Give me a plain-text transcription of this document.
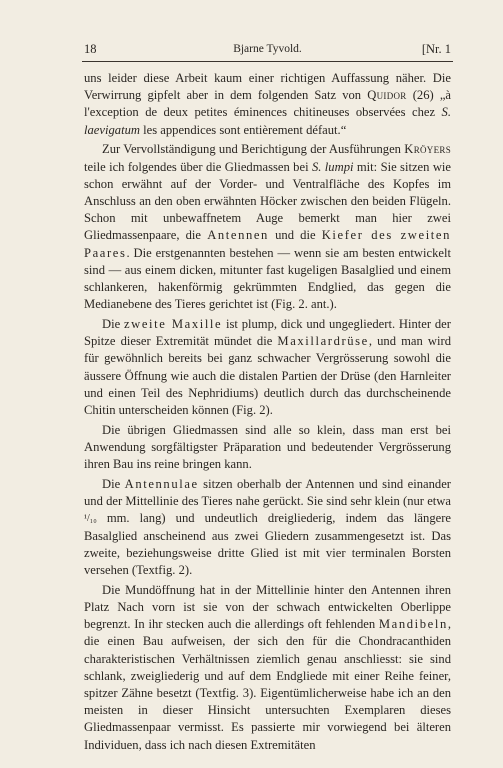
18	Bjarne Tyvold.	[Nr. 1

uns leider diese Arbeit kaum einer richtigen Auffassung näher. Die Verwirrung gipfelt aber in dem folgenden Satz von Quidor (26) „à l'exception de deux petites éminences chitineuses observées chez S. laevigatum les appendices sont entièrement défaut.“

Zur Vervollständigung und Berichtigung der Ausführungen Kröyers teile ich folgendes über die Gliedmassen bei S. lumpi mit: Sie sitzen wie schon erwähnt auf der Vorder- und Ventralfläche des Kopfes im Anschluss an den oben erwähnten Höcker zwischen den beiden Flügeln. Schon mit unbewaffnetem Auge bemerkt man hier zwei Gliedmassenpaare, die Antennen und die Kiefer des zweiten Paares. Die erstgenannten bestehen — wenn sie am besten entwickelt sind — aus einem dicken, mitunter fast kugeligen Basalglied und einem schlankeren, hakenförmig gekrümmten Endglied, das gegen die Medianebene des Tieres gerichtet ist (Fig. 2. ant.).

Die zweite Maxille ist plump, dick und ungegliedert. Hinter der Spitze dieser Extremität mündet die Maxillardrüse, und man wird für gewöhnlich bereits bei ganz schwacher Vergrösserung sowohl die äussere Öffnung wie auch die distalen Partien der Drüse (den Harnleiter und einen Teil des Nephridiums) deutlich durch das durchscheinende Chitin unterscheiden können (Fig. 2).

Die übrigen Gliedmassen sind alle so klein, dass man erst bei Anwendung sorgfältigster Präparation und bedeutender Vergrösserung ihren Bau ins reine bringen kann.

Die Antennulae sitzen oberhalb der Antennen und sind einander und der Mittellinie des Tieres nahe gerückt. Sie sind sehr klein (nur etwa ¹/₁₀ mm. lang) und undeutlich dreigliederig, indem das längere Basalglied anscheinend aus zwei Gliedern zusammengesetzt ist. Das zweite, beziehungsweise dritte Glied ist mit vier terminalen Borsten versehen (Textfig. 2).

Die Mundöffnung hat in der Mittellinie hinter den Antennen ihren Platz Nach vorn ist sie von der schwach entwickelten Oberlippe begrenzt. In ihr stecken auch die allerdings oft fehlenden Mandibeln, die einen Bau aufweisen, der sich den für die Chondracanthiden charakteristischen Verhältnissen ziemlich genau anschliesst: sie sind schlank, zweigliederig und auf dem Endgliede mit einer Reihe feiner, spitzer Zähne besetzt (Textfig. 3). Eigentümlicherweise habe ich an den meisten in dieser Hinsicht untersuchten Exemplaren dieses Gliedmassenpaar vermisst. Es passierte mir vorwiegend bei älteren Individuen, dass ich nach diesen Extremitäten
